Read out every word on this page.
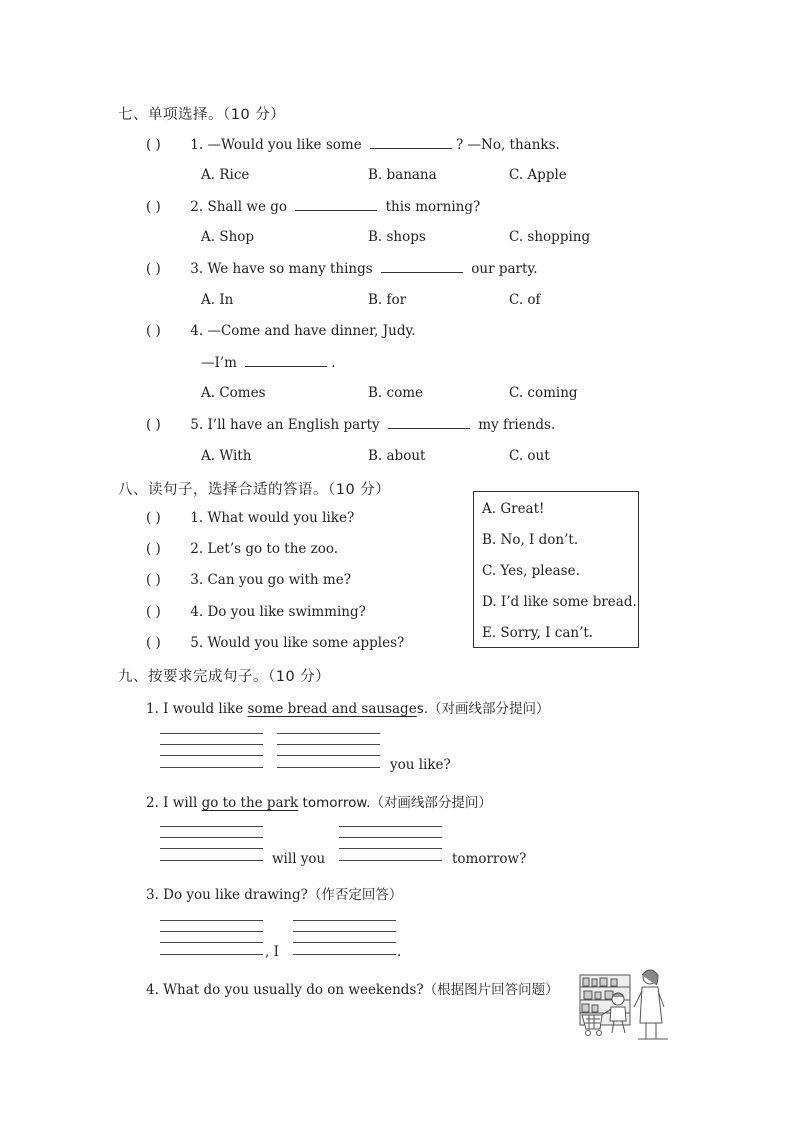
七、单项选择。（10 分）
( ) 1. —Would you like some	? —No, thanks.
A. Rice	B. banana	C. Apple
( ) 2. Shall we go	this morning?
A. Shop	B. shops	C. shopping
( ) 3. We have so many things	our party.
A. In	B. for	C. of
( ) 4. —Come and have dinner, Judy.
—I’m	.
A. Comes	B. come	C. coming
( ) 5. I’ll have an English party	my friends.
A. With	B. about	C. out
八、读句子，选择合适的答语。（10 分）
( ) 1. What would you like?
( ) 2. Let’s go to the zoo.
( ) 3. Can you go with me?
( ) 4. Do you like swimming?
( ) 5. Would you like some apples?
A. Great!
B. No, I don’t.
C. Yes, please.
D. I’d like some bread.
E. Sorry, I can’t.
九、按要求完成句子。（10 分）
1. I would like some bread and sausages.（对画线部分提问）
you like?
2. I will go to the park tomorrow.（对画线部分提问）
will you	tomorrow?
3. Do you like drawing?（作否定回答）
, I	.
4. What do you usually do on weekends?（根据图片回答问题）
